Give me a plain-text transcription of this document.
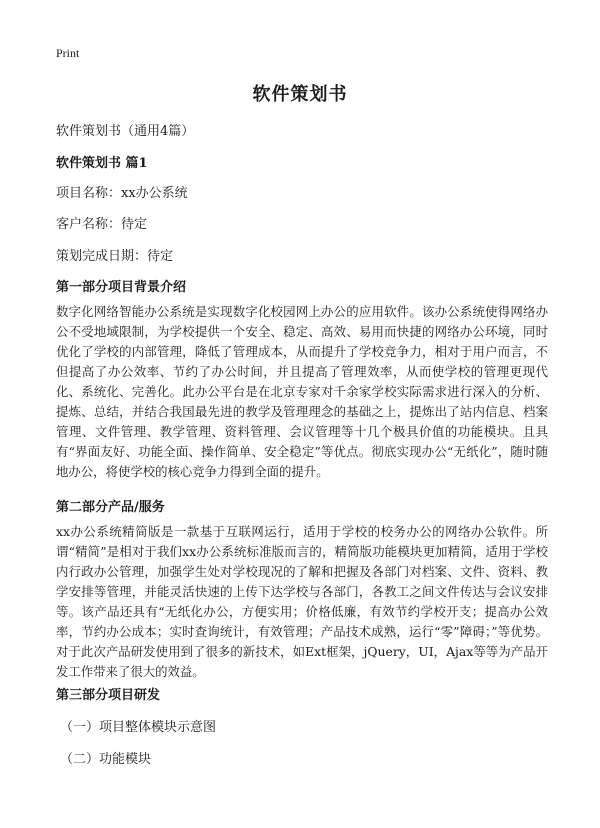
Print
软件策划书
软件策划书（通用4篇）
软件策划书 篇1
项目名称：xx办公系统
客户名称：待定
策划完成日期：待定
第一部分项目背景介绍
数字化网络智能办公系统是实现数字化校园网上办公的应用软件。该办公系统使得网络办公不受地域限制，为学校提供一个安全、稳定、高效、易用而快捷的网络办公环境，同时优化了学校的内部管理，降低了管理成本，从而提升了学校竞争力，相对于用户而言，不但提高了办公效率、节约了办公时间，并且提高了管理效率，从而使学校的管理更现代化、系统化、完善化。此办公平台是在北京专家对千余家学校实际需求进行深入的分析、提炼、总结，并结合我国最先进的教学及管理理念的基础之上，提炼出了站内信息、档案管理、文件管理、教学管理、资料管理、会议管理等十几个极具价值的功能模块。且具有“界面友好、功能全面、操作简单、安全稳定”等优点。彻底实现办公“无纸化”，随时随地办公，将使学校的核心竞争力得到全面的提升。
第二部分产品/服务
xx办公系统精简版是一款基于互联网运行，适用于学校的校务办公的网络办公软件。所谓“精简”是相对于我们xx办公系统标准版而言的，精简版功能模块更加精简，适用于学校内行政办公管理，加强学生处对学校现况的了解和把握及各部门对档案、文件、资料、教学安排等管理，并能灵活快速的上传下达学校与各部门，各教工之间文件传达与会议安排等。该产品还具有“无纸化办公，方便实用；价格低廉，有效节约学校开支；提高办公效率，节约办公成本；实时查询统计，有效管理；产品技术成熟，运行“零”障碍；”等优势。对于此次产品研发使用到了很多的新技术，如Ext框架，jQuery，UI，Ajax等等为产品开发工作带来了很大的效益。
第三部分项目研发
（一）项目整体模块示意图
（二）功能模块
